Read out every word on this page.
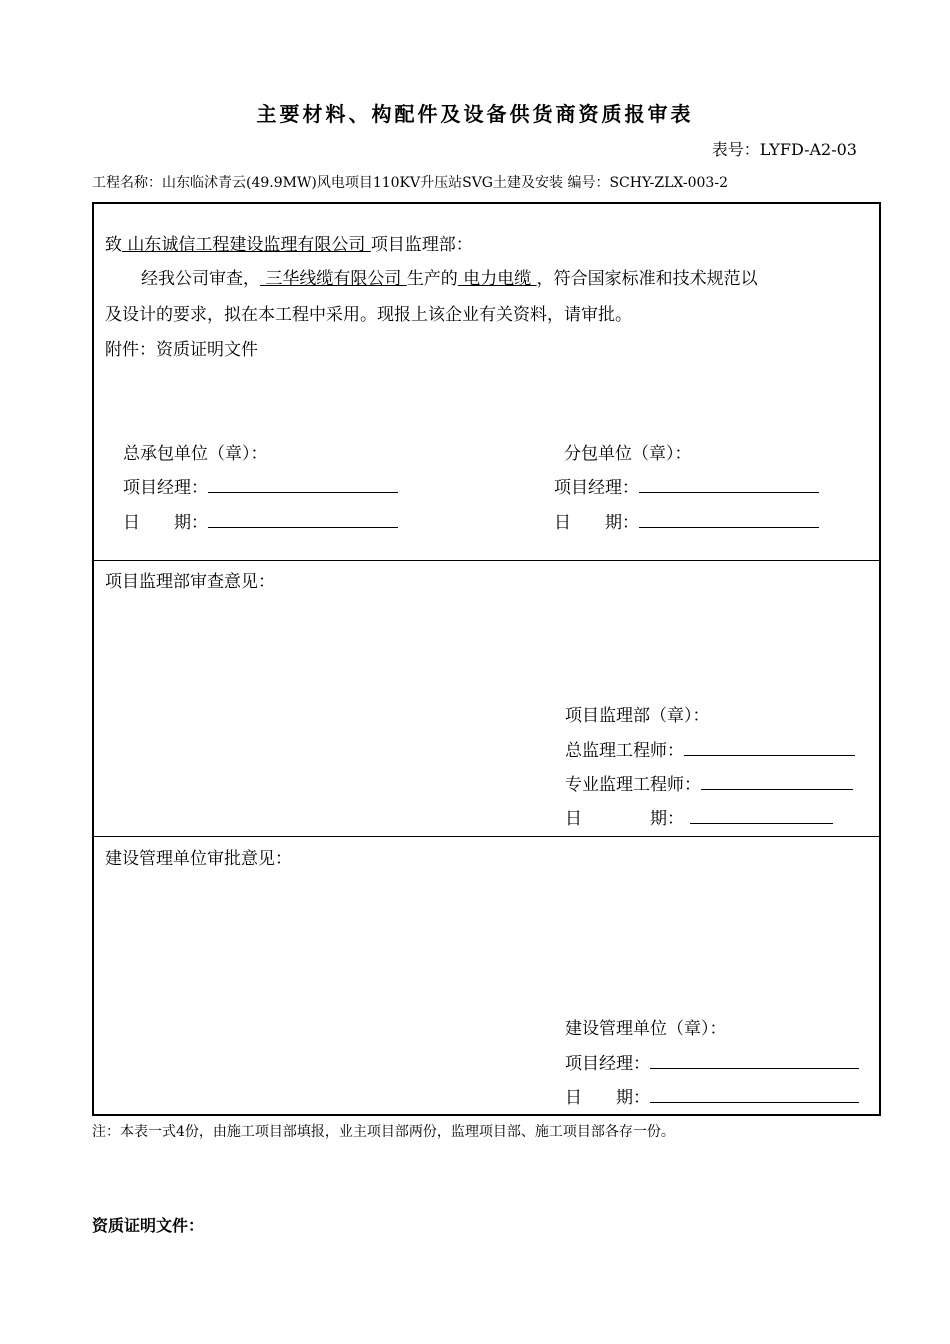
主要材料、构配件及设备供货商资质报审表
表号：LYFD-A2-03
工程名称：山东临沭青云(49.9MW)风电项目110KV升压站SVG土建及安装 编号：SCHY-ZLX-003-2
致 山东诚信工程建设监理有限公司 项目监理部：
经我公司审查， 三华线缆有限公司 生产的 电力电缆 ，符合国家标准和技术规范以
及设计的要求，拟在本工程中采用。现报上该企业有关资料，请审批。
附件：资质证明文件
总承包单位（章）：
项目经理：
日　　期：
分包单位（章）：
项目经理：
日　　期：
项目监理部审查意见：
项目监理部（章）：
总监理工程师：
专业监理工程师：
日　　　　期：
建设管理单位审批意见：
建设管理单位（章）：
项目经理：
日　　期：
注：本表一式4份，由施工项目部填报，业主项目部两份，监理项目部、施工项目部各存一份。
资质证明文件：
